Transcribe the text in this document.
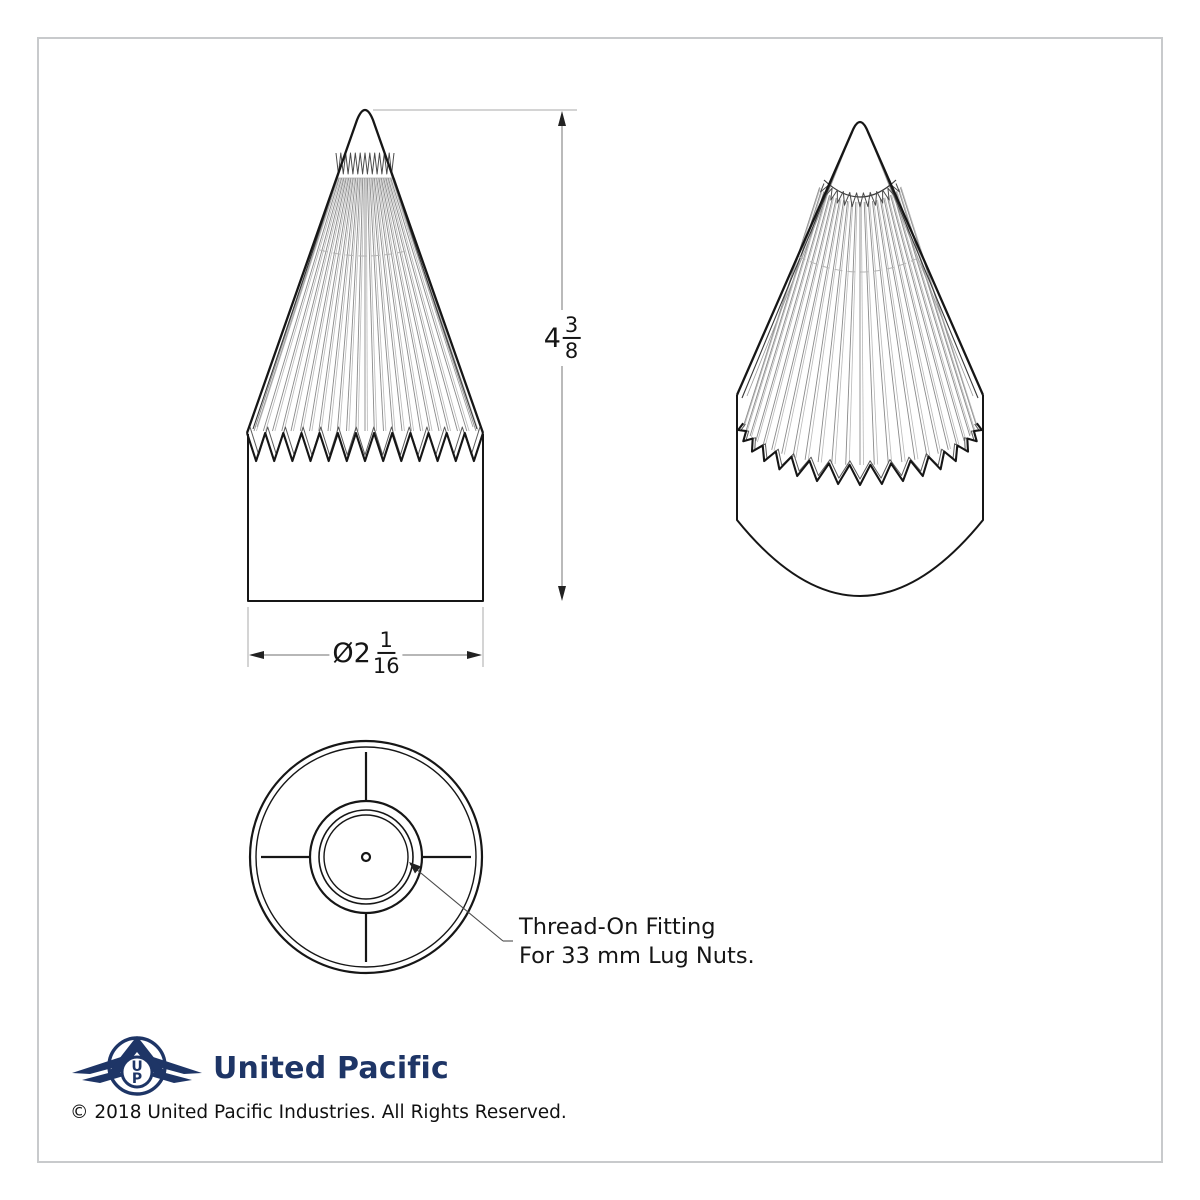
$4 \frac{3}{8}$
Ø $2 \frac{1}{16}$
Thread-On Fitting
For 33 mm Lug Nuts.
U
P United Pacific
© 2018 United Pacific Industries. All Rights Reserved.
